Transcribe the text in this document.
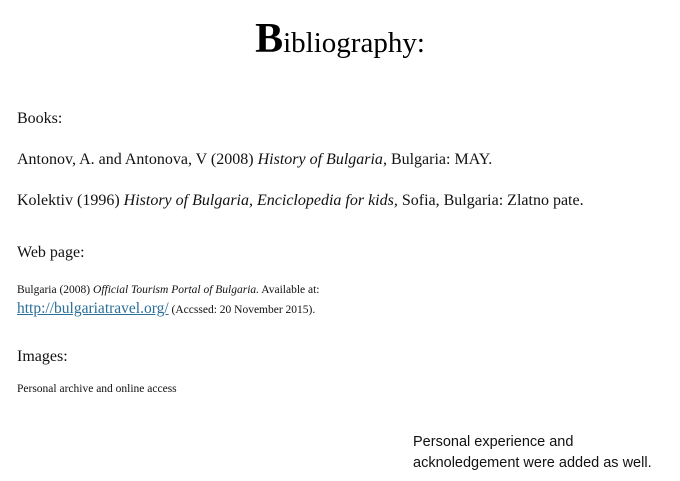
Bibliography:
Books:
Antonov, A. and Antonova, V (2008) History of Bulgaria, Bulgaria: MAY.
Kolektiv (1996) History of Bulgaria, Enciclopedia for kids, Sofia, Bulgaria: Zlatno pate.
Web page:
Bulgaria (2008) Official Tourism Portal of Bulgaria. Available at:
http://bulgariatravel.org/ (Accssed: 20 November 2015).
Images:
Personal archive and online access
Personal experience and
acknoledgement were added as well.
